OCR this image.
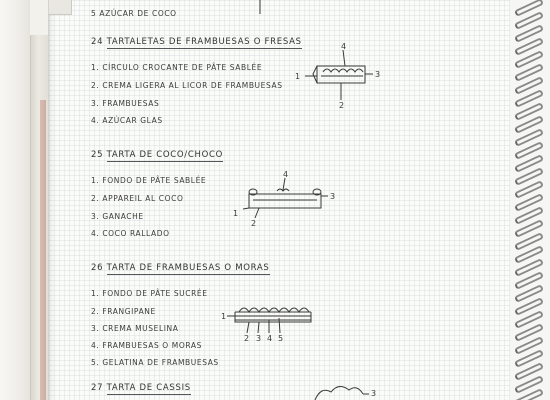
5 AZÚCAR DE COCO
24 TARTALETAS DE FRAMBUESAS O FRESAS
1. CÍRCULO CROCANTE DE PÂTE SABLÉE
2. CREMA LIGERA AL LICOR DE FRAMBUESAS
3. FRAMBUESAS
4. AZÚCAR GLAS
1
2
3
4
25 TARTA DE COCO/CHOCO
1. FONDO DE PÂTE SABLÉE
2. APPAREIL AL COCO
3. GANACHE
4. COCO RALLADO
1
2
3
4
26 TARTA DE FRAMBUESAS O MORAS
1. FONDO DE PÂTE SUCRÉE
2. FRANGIPANE
3. CREMA MUSELINA
4. FRAMBUESAS O MORAS
5. GELATINA DE FRAMBUESAS
1
2 3 4 5
27 TARTA DE CASSIS
3
